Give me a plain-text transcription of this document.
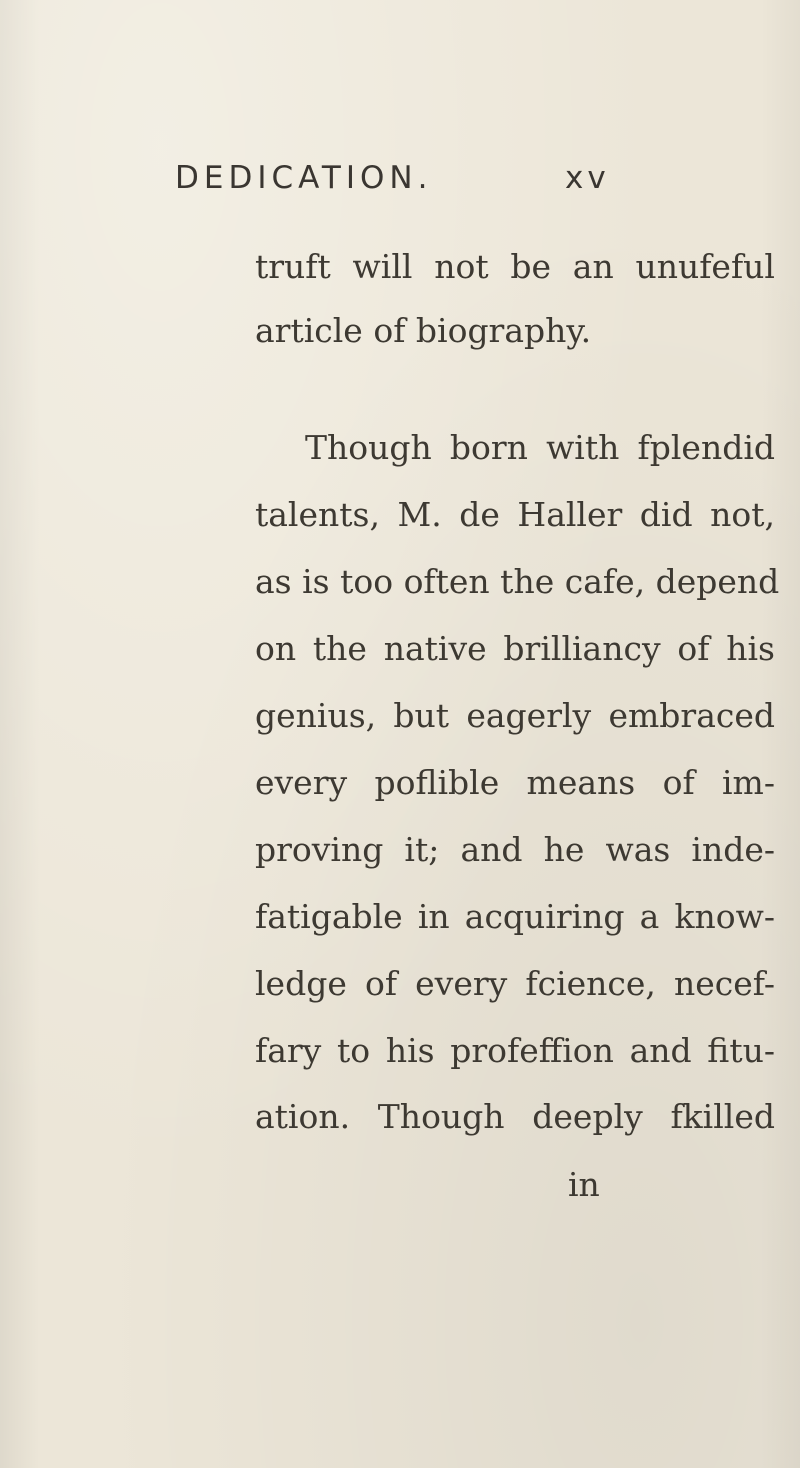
DEDICATION.	xv
truft will not be an unufeful
article of biography.
Though born with fplendid
talents, M. de Haller did not,
as is too often the cafe, depend
on the native brilliancy of his
genius, but eagerly embraced
every poflible means of im-
proving it; and he was inde-
fatigable in acquiring a know-
ledge of every fcience, necef-
fary to his profeffion and fitu-
ation. Though deeply fkilled
in
